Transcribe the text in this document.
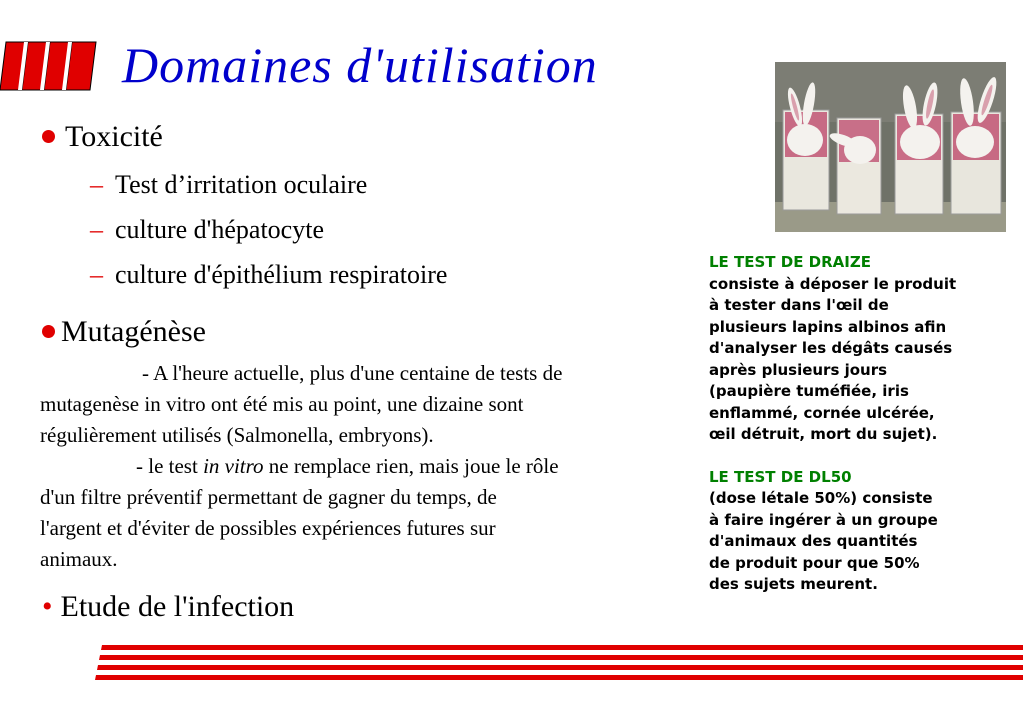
Domaines d'utilisation
Toxicité
– Test d’irritation oculaire
– culture d'hépatocyte
– culture d'épithélium respiratoire
Mutagénèse

- A l'heure actuelle, plus d'une centaine de tests de

mutagenèse in vitro ont été mis au point, une dizaine sont

régulièrement utilisés (Salmonella, embryons).

- le test in vitro ne remplace rien, mais joue le rôle

d'un filtre préventif permettant de gagner du temps, de

l'argent et d'éviter de possibles expériences futures sur

animaux.

• Etude de l'infection
LE TEST DE DRAIZE
consiste à déposer le produit
à tester dans l'œil de
plusieurs lapins albinos afin
d'analyser les dégâts causés
après plusieurs jours
(paupière tuméfiée, iris
enflammé, cornée ulcérée,
œil détruit, mort du sujet).
LE TEST DE DL50
(dose létale 50%) consiste
à faire ingérer à un groupe
d'animaux des quantités
de produit pour que 50%
des sujets meurent.
